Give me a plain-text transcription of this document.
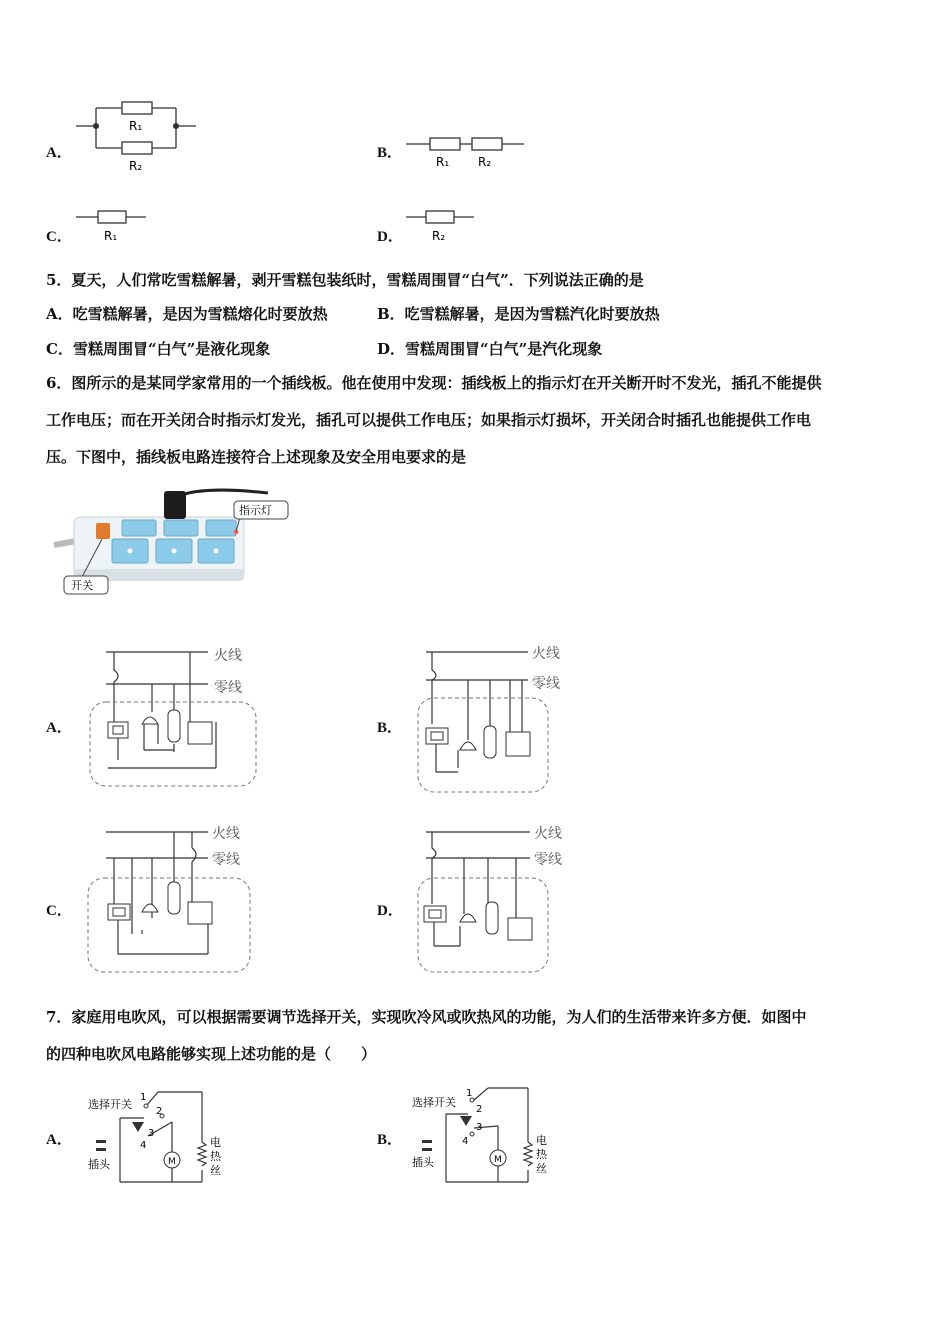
A．
R₁
R₂
B．
R₁ R₂
C．	R₁	D． R₂
5．夏天，人们常吃雪糕解暑，剥开雪糕包装纸时，雪糕周围冒“白气”．下列说法正确的是
A．吃雪糕解暑，是因为雪糕熔化时要放热	B．吃雪糕解暑，是因为雪糕汽化时要放热
C．雪糕周围冒“白气”是液化现象	D．雪糕周围冒“白气”是汽化现象
6．图所示的是某同学家常用的一个插线板。他在使用中发现：插线板上的指示灯在开关断开时不发光，插孔不能提供
工作电压；而在开关闭合时指示灯发光，插孔可以提供工作电压；如果指示灯损坏，开关闭合时插孔也能提供工作电
压。下图中，插线板电路连接符合上述现象及安全用电要求的是
开关
指示灯
A．
火线
零线
B．
火线
零线
C．
火线
零线
D．
火线
零线
7．家庭用电吹风，可以根据需要调节选择开关，实现吹冷风或吹热风的功能，为人们的生活带来许多方便．如图中
的四种电吹风电路能够实现上述功能的是（　　）
A．
M
选择开关
插头
1
2
3
4	电
热
丝
B．
M
选择开关
插头
1
2
3
4	电
热
丝
